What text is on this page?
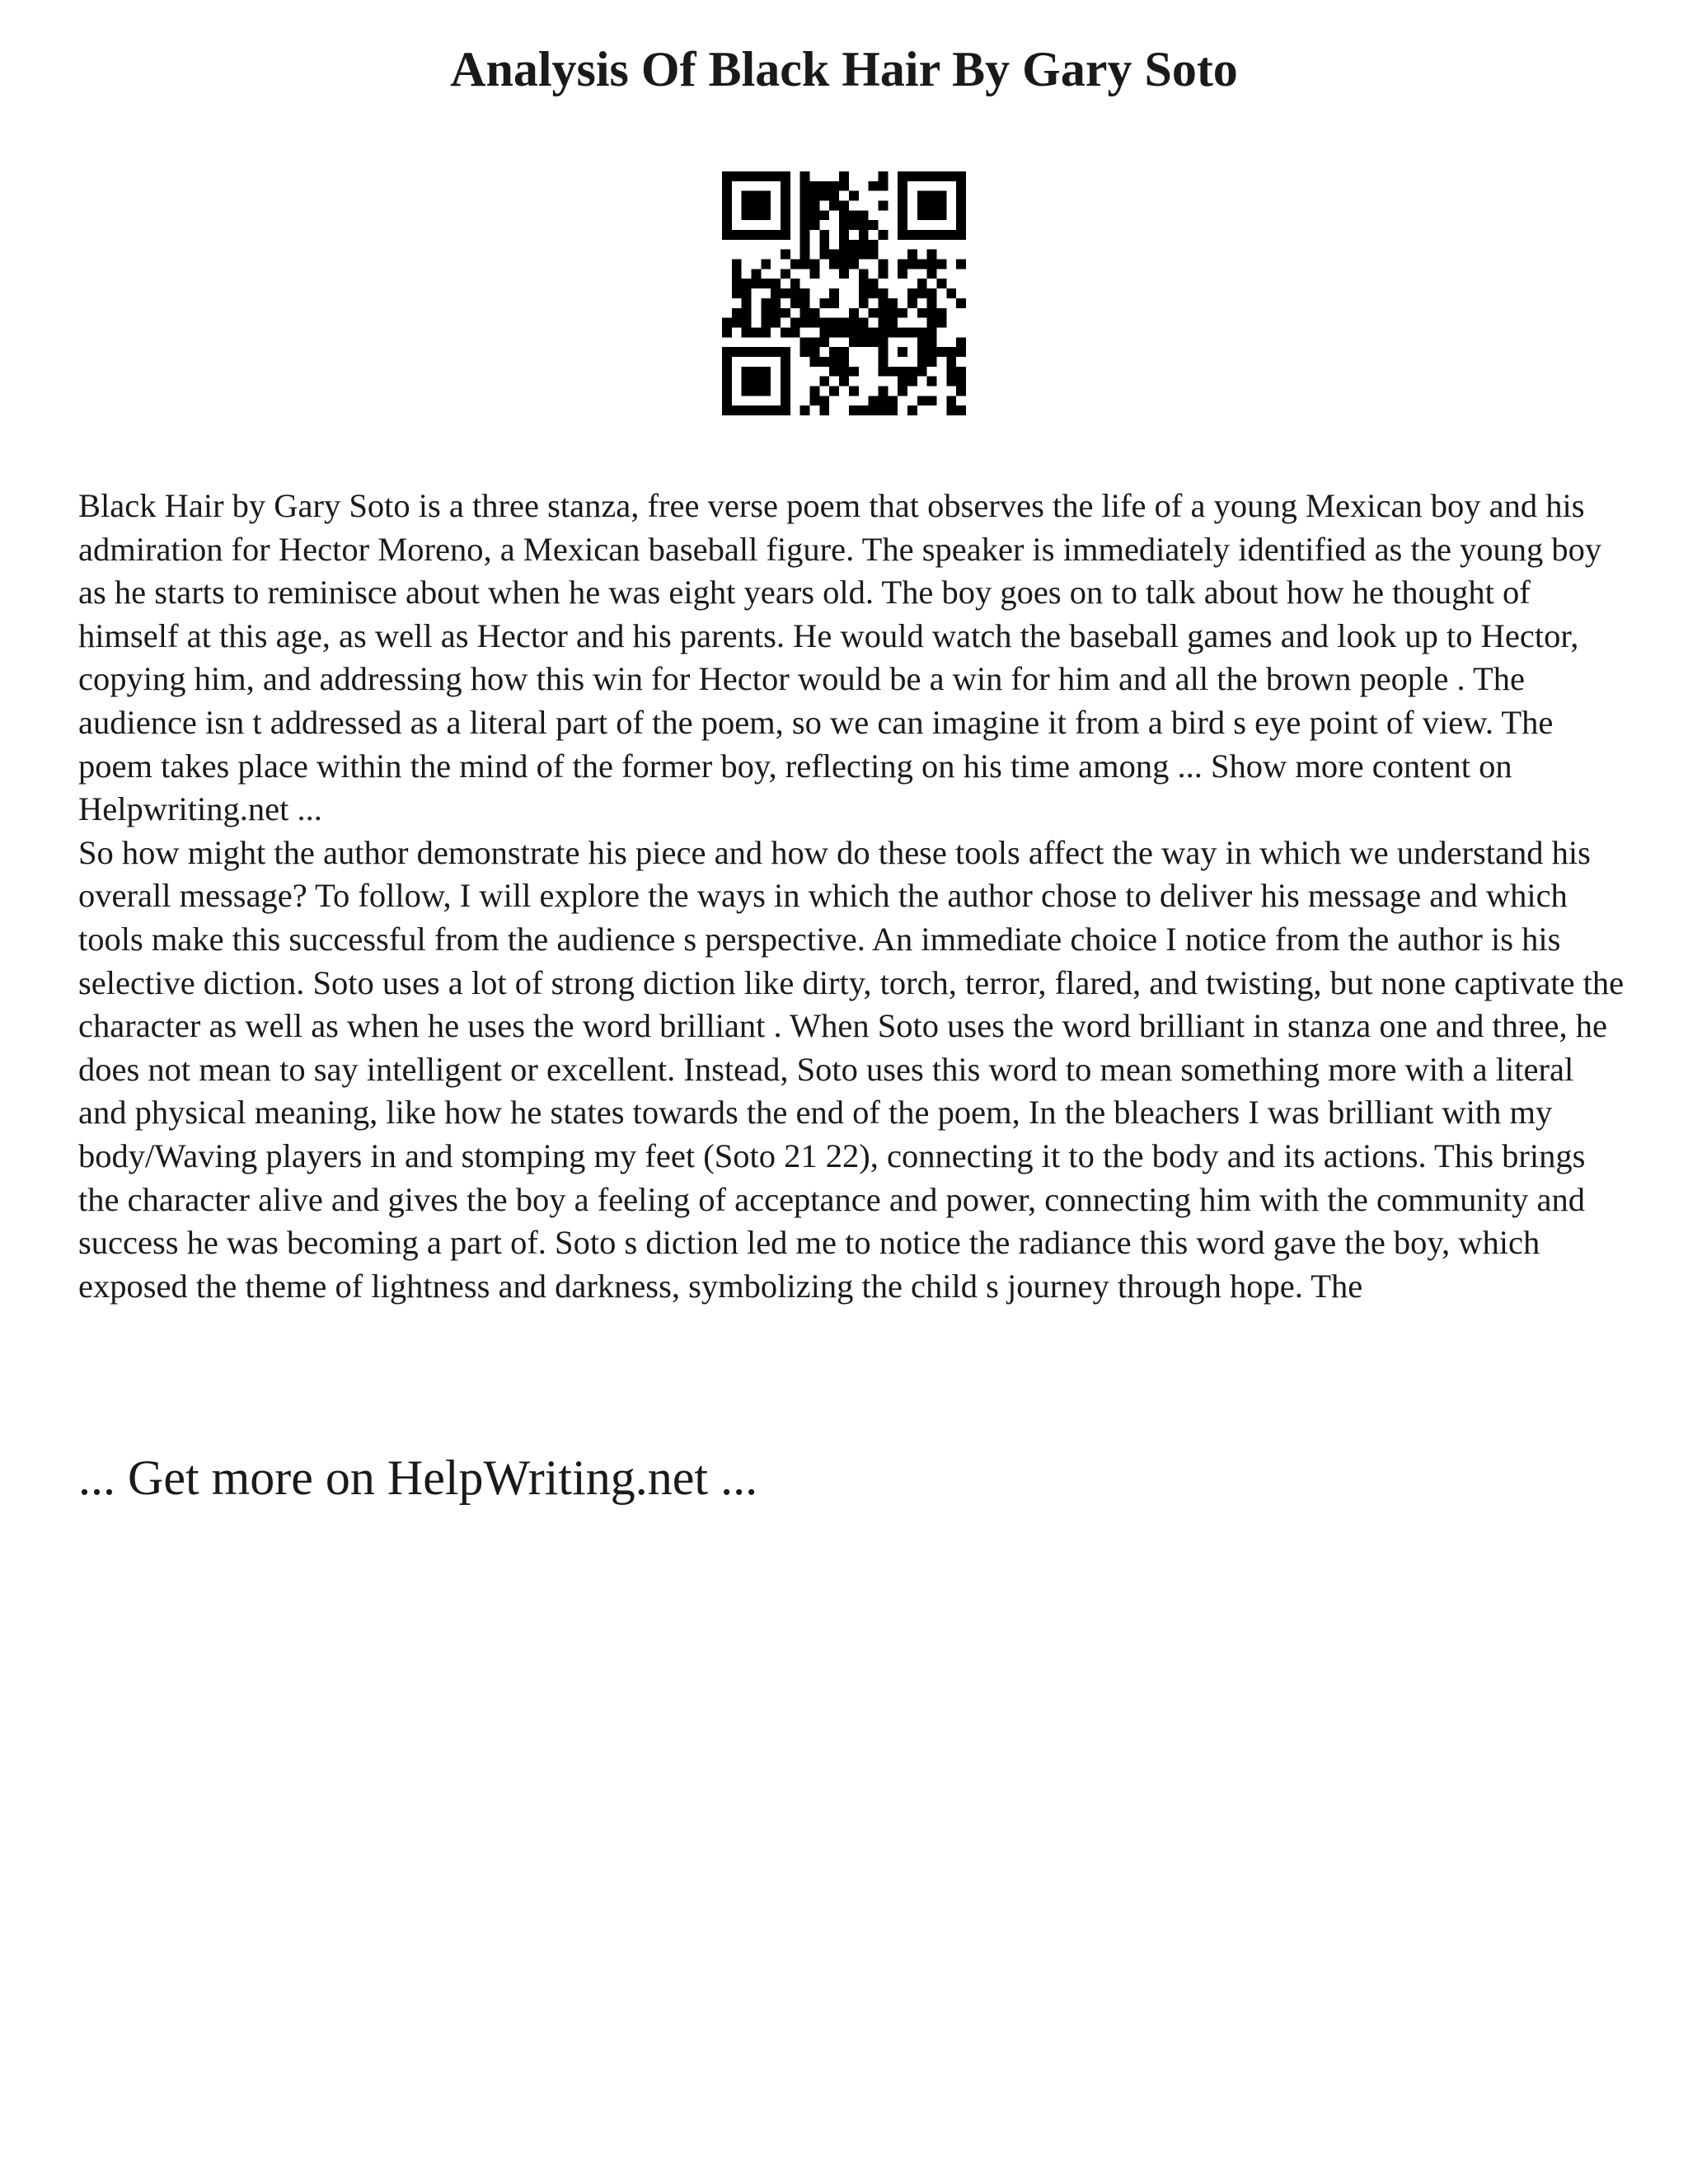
Analysis Of Black Hair By Gary Soto

Black Hair by Gary Soto is a three stanza, free verse poem that observes the life of a young Mexican boy and his admiration for Hector Moreno, a Mexican baseball figure. The speaker is immediately identified as the young boy as he starts to reminisce about when he was eight years old. The boy goes on to talk about how he thought of himself at this age, as well as Hector and his parents. He would watch the baseball games and look up to Hector, copying him, and addressing how this win for Hector would be a win for him and all the brown people . The audience isn t addressed as a literal part of the poem, so we can imagine it from a bird s eye point of view. The poem takes place within the mind of the former boy, reflecting on his time among ... Show more content on Helpwriting.net ...

So how might the author demonstrate his piece and how do these tools affect the way in which we understand his overall message? To follow, I will explore the ways in which the author chose to deliver his message and which tools make this successful from the audience s perspective. An immediate choice I notice from the author is his selective diction. Soto uses a lot of strong diction like dirty, torch, terror, flared, and twisting, but none captivate the character as well as when he uses the word brilliant . When Soto uses the word brilliant in stanza one and three, he does not mean to say intelligent or excellent. Instead, Soto uses this word to mean something more with a literal and physical meaning, like how he states towards the end of the poem, In the bleachers I was brilliant with my body/Waving players in and stomping my feet (Soto 21 22), connecting it to the body and its actions. This brings the character alive and gives the boy a feeling of acceptance and power, connecting him with the community and success he was becoming a part of. Soto s diction led me to notice the radiance this word gave the boy, which exposed the theme of lightness and darkness, symbolizing the child s journey through hope. The

... Get more on HelpWriting.net ...
